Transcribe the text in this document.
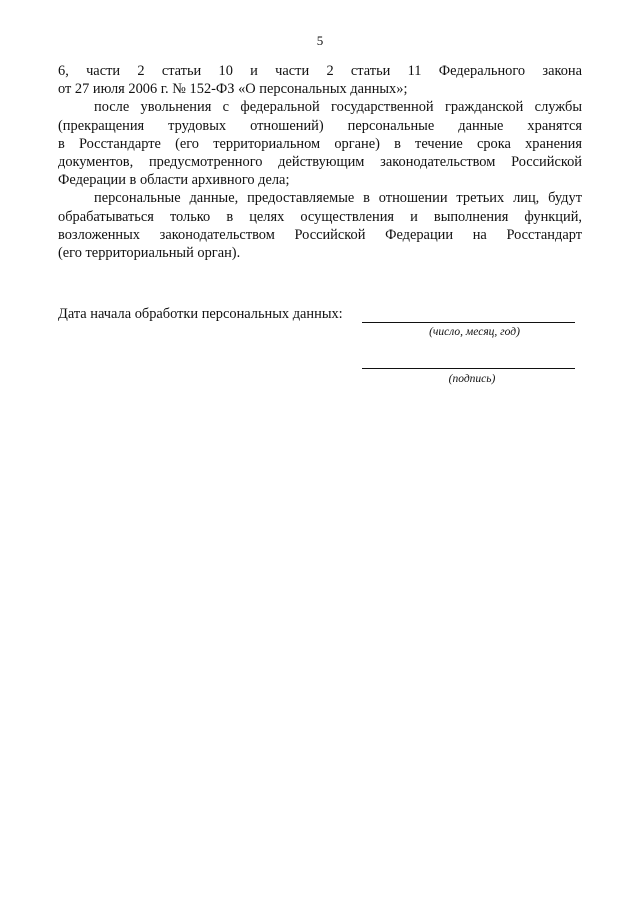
5
6, части 2 статьи 10 и части 2 статьи 11 Федерального закона
от 27 июля 2006 г. № 152-ФЗ «О персональных данных»;
после увольнения с федеральной государственной гражданской службы
(прекращения трудовых отношений) персональные данные хранятся
в Росстандарте (его территориальном органе) в течение срока хранения
документов, предусмотренного действующим законодательством Российской
Федерации в области архивного дела;
персональные данные, предоставляемые в отношении третьих лиц, будут
обрабатываться только в целях осуществления и выполнения функций,
возложенных законодательством Российской Федерации на Росстандарт
(его территориальный орган).
Дата начала обработки персональных данных:
(число, месяц, год)
(подпись)
